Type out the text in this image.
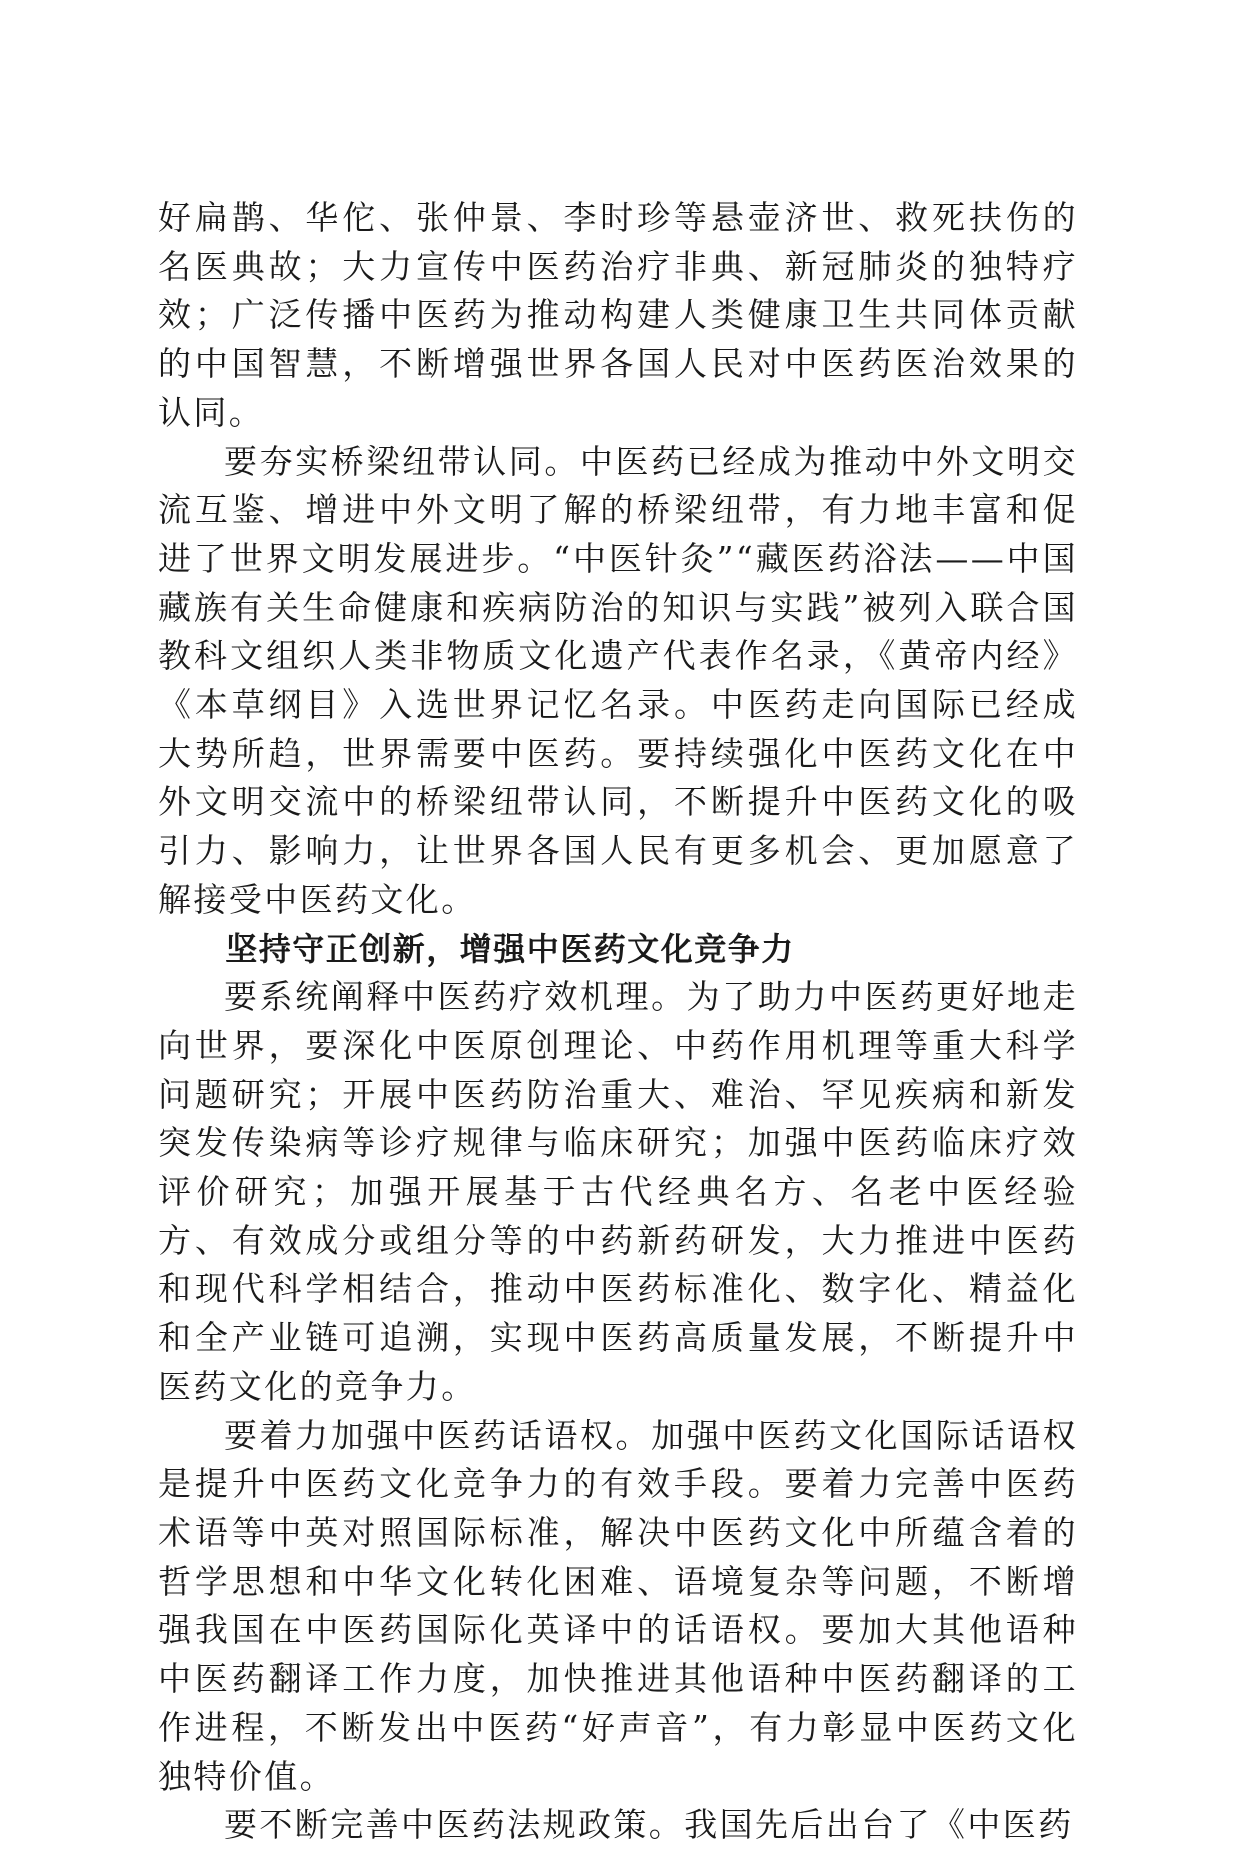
好扁鹊、华佗、张仲景、李时珍等悬壶济世、救死扶伤的名医典故；大力宣传中医药治疗非典、新冠肺炎的独特疗效；广泛传播中医药为推动构建人类健康卫生共同体贡献的中国智慧，不断增强世界各国人民对中医药医治效果的认同。

要夯实桥梁纽带认同。中医药已经成为推动中外文明交流互鉴、增进中外文明了解的桥梁纽带，有力地丰富和促进了世界文明发展进步。“中医针灸”“藏医药浴法——中国藏族有关生命健康和疾病防治的知识与实践”被列入联合国教科文组织人类非物质文化遗产代表作名录，《黄帝内经》《本草纲目》入选世界记忆名录。中医药走向国际已经成大势所趋，世界需要中医药。要持续强化中医药文化在中外文明交流中的桥梁纽带认同，不断提升中医药文化的吸引力、影响力，让世界各国人民有更多机会、更加愿意了解接受中医药文化。

坚持守正创新，增强中医药文化竞争力

要系统阐释中医药疗效机理。为了助力中医药更好地走向世界，要深化中医原创理论、中药作用机理等重大科学问题研究；开展中医药防治重大、难治、罕见疾病和新发突发传染病等诊疗规律与临床研究；加强中医药临床疗效评价研究；加强开展基于古代经典名方、名老中医经验方、有效成分或组分等的中药新药研发，大力推进中医药和现代科学相结合，推动中医药标准化、数字化、精益化和全产业链可追溯，实现中医药高质量发展，不断提升中医药文化的竞争力。

要着力加强中医药话语权。加强中医药文化国际话语权是提升中医药文化竞争力的有效手段。要着力完善中医药术语等中英对照国际标准，解决中医药文化中所蕴含着的哲学思想和中华文化转化困难、语境复杂等问题，不断增强我国在中医药国际化英译中的话语权。要加大其他语种中医药翻译工作力度，加快推进其他语种中医药翻译的工作进程，不断发出中医药“好声音”，有力彰显中医药文化独特价值。

要不断完善中医药法规政策。我国先后出台了《中医药
